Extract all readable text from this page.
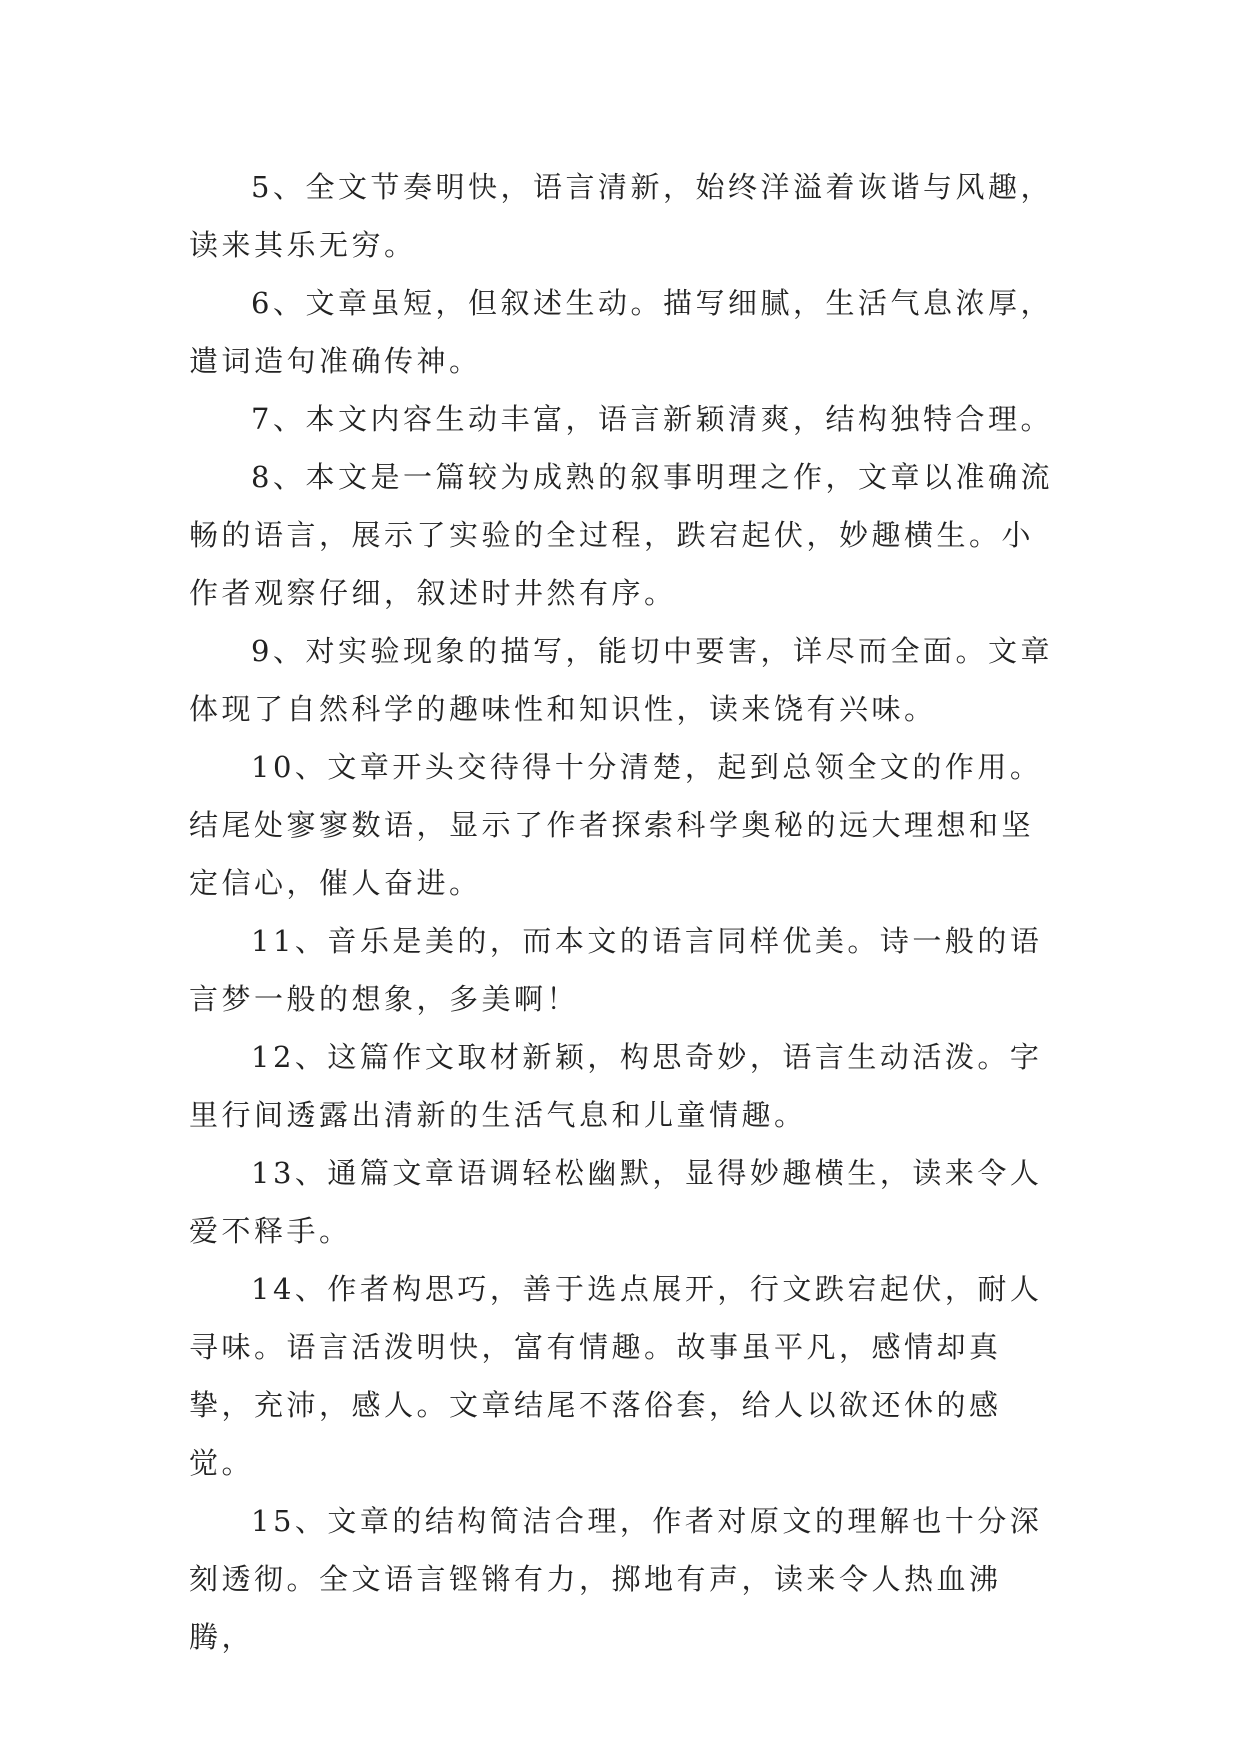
5、全文节奏明快，语言清新，始终洋溢着诙谐与风趣，读来其乐无穷。

6、文章虽短，但叙述生动。描写细腻，生活气息浓厚，遣词造句准确传神。

7、本文内容生动丰富，语言新颖清爽，结构独特合理。

8、本文是一篇较为成熟的叙事明理之作，文章以准确流畅的语言，展示了实验的全过程，跌宕起伏，妙趣横生。小作者观察仔细，叙述时井然有序。

9、对实验现象的描写，能切中要害，详尽而全面。文章体现了自然科学的趣味性和知识性，读来饶有兴味。

10、文章开头交待得十分清楚，起到总领全文的作用。结尾处寥寥数语，显示了作者探索科学奥秘的远大理想和坚定信心，催人奋进。

11、音乐是美的，而本文的语言同样优美。诗一般的语言梦一般的想象，多美啊！

12、这篇作文取材新颖，构思奇妙，语言生动活泼。字里行间透露出清新的生活气息和儿童情趣。

13、通篇文章语调轻松幽默，显得妙趣横生，读来令人爱不释手。

14、作者构思巧，善于选点展开，行文跌宕起伏，耐人寻味。语言活泼明快，富有情趣。故事虽平凡，感情却真挚，充沛，感人。文章结尾不落俗套，给人以欲还休的感觉。

15、文章的结构简洁合理，作者对原文的理解也十分深刻透彻。全文语言铿锵有力，掷地有声，读来令人热血沸腾，
